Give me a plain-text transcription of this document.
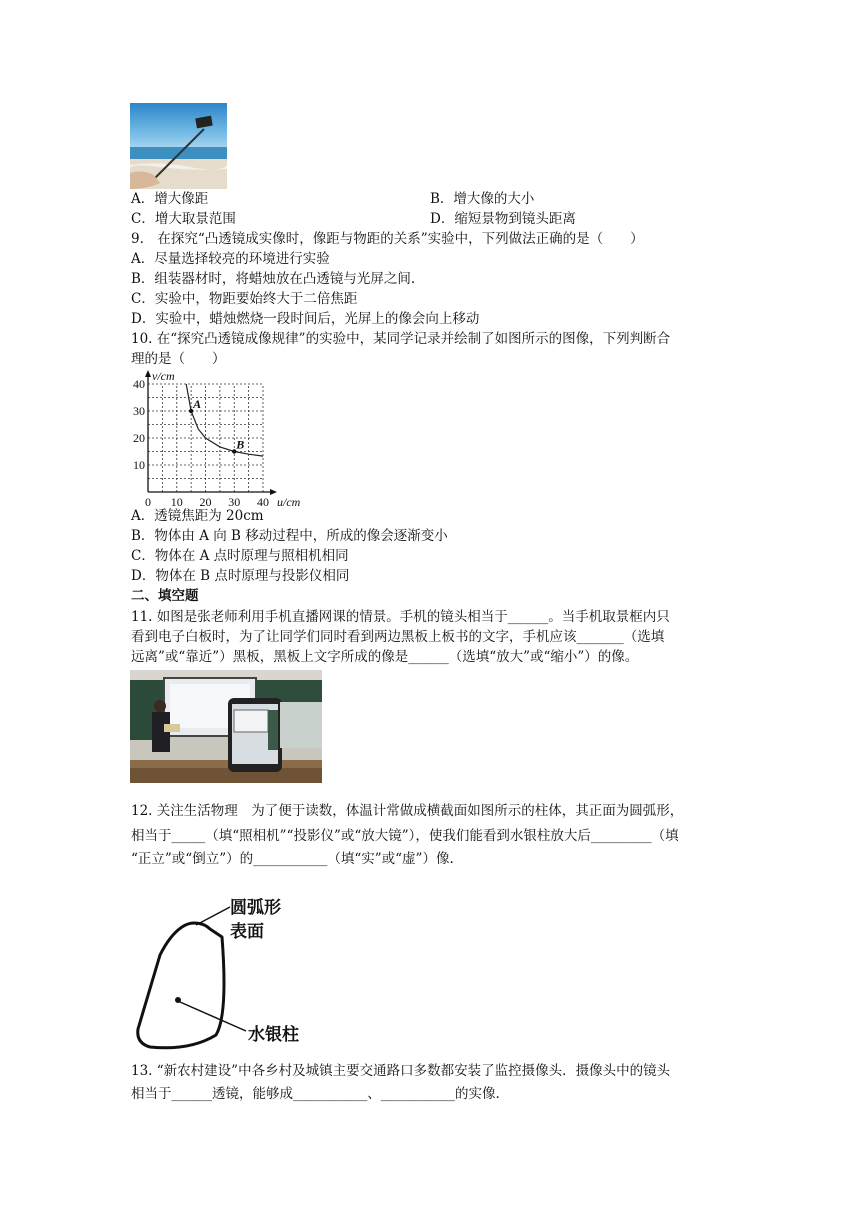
A．增大像距	B．增大像的大小
C．增大取景范围	D．缩短景物到镜头距离
9.　在探究“凸透镜成实像时，像距与物距的关系”实验中，下列做法正确的是（　　）
A．尽量选择较亮的环境进行实验
B．组装器材时，将蜡烛放在凸透镜与光屏之间.
C．实验中，物距要始终大于二倍焦距
D．实验中，蜡烛燃烧一段时间后，光屏上的像会向上移动
10. 在“探究凸透镜成像规律”的实验中，某同学记录并绘制了如图所示的图像，下列判断合
理的是（　　）
0 10 20 30 40
10
20
30
40
u/cm
v/cm
A
B
A．透镜焦距为 20cm
B．物体由 A 向 B 移动过程中，所成的像会逐渐变小
C．物体在 A 点时原理与照相机相同
D．物体在 B 点时原理与投影仪相同
二、填空题
11. 如图是张老师利用手机直播网课的情景。手机的镜头相当于______。当手机取景框内只
看到电子白板时，为了让同学们同时看到两边黑板上板书的文字，手机应该_______（选填
远离”或“靠近”）黑板，黑板上文字所成的像是______（选填“放大”或“缩小”）的像。
12. 关注生活物理　为了便于读数，体温计常做成横截面如图所示的柱体，其正面为圆弧形，
相当于_____（填“照相机”“投影仪”或“放大镜”），使我们能看到水银柱放大后_________（填
“正立”或“倒立”）的___________（填“实”或“虚”）像.
圆弧形
表面
水银柱
13. “新农村建设”中各乡村及城镇主要交通路口多数都安装了监控摄像头．摄像头中的镜头
相当于______透镜，能够成___________、___________的实像.
